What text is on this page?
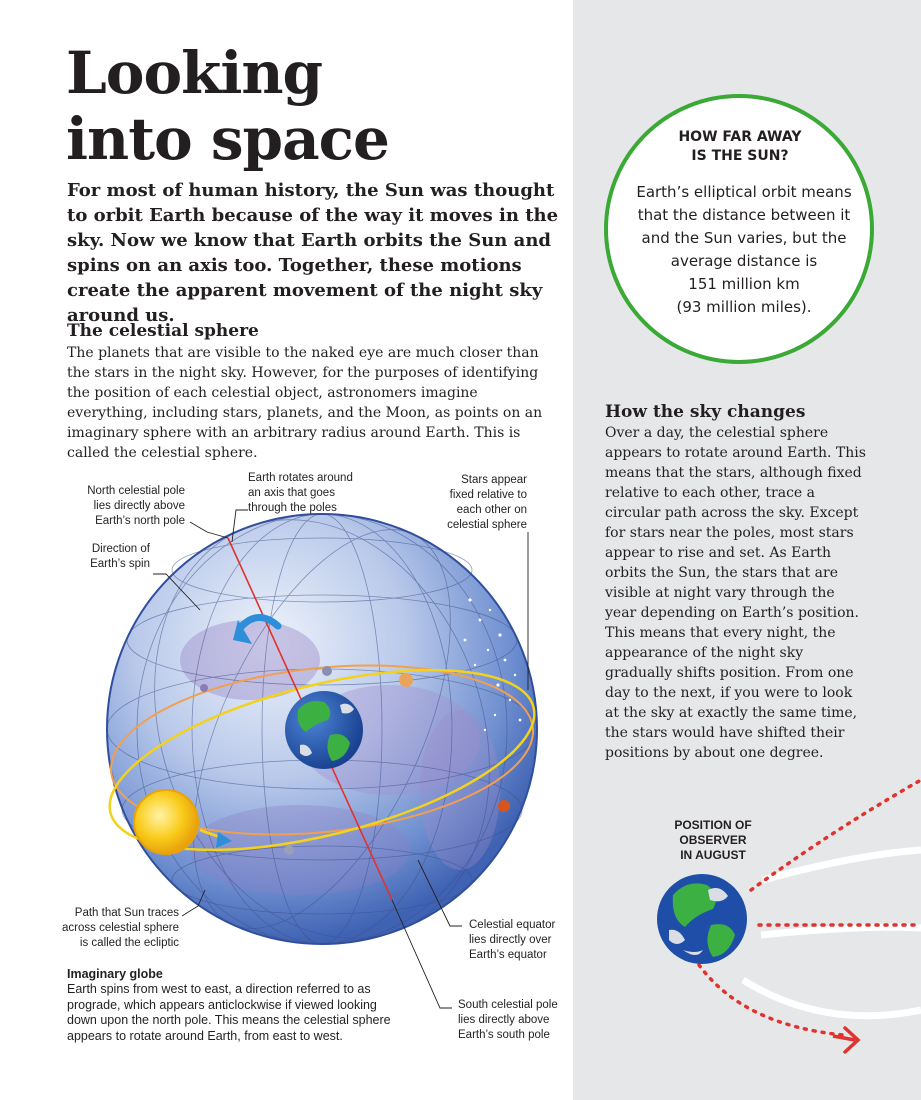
Looking
into space

For most of human history, the Sun was thought to orbit Earth because of the way it moves in the sky. Now we know that Earth orbits the Sun and spins on an axis too. Together, these motions create the apparent movement of the night sky around us.

The celestial sphere

The planets that are visible to the naked eye are much closer than the stars in the night sky. However, for the purposes of identifying the position of each celestial object, astronomers imagine everything, including stars, planets, and the Moon, as points on an imaginary sphere with an arbitrary radius around Earth. This is called the celestial sphere.

North celestial pole
lies directly above
Earth’s north pole

Earth rotates around
an axis that goes
through the poles

Stars appear
fixed relative to
each other on
celestial sphere

Direction of
Earth’s spin

Path that Sun traces
across celestial sphere
is called the ecliptic

Celestial equator
lies directly over
Earth’s equator

South celestial pole
lies directly above
Earth’s south pole

Imaginary globe

Earth spins from west to east, a direction referred to as prograde, which appears anticlockwise if viewed looking down upon the north pole. This means the celestial sphere appears to rotate around Earth, from east to west.

HOW FAR AWAY
IS THE SUN?

Earth’s elliptical orbit means
that the distance between it
and the Sun varies, but the
average distance is
151 million km
(93 million miles).

How the sky changes

Over a day, the celestial sphere appears to rotate around Earth. This means that the stars, although fixed relative to each other, trace a circular path across the sky. Except for stars near the poles, most stars appear to rise and set. As Earth orbits the Sun, the stars that are visible at night vary through the year depending on Earth’s position. This means that every night, the appearance of the night sky gradually shifts position. From one day to the next, if you were to look at the sky at exactly the same time, the stars would have shifted their positions by about one degree.

POSITION OF
OBSERVER
IN AUGUST
